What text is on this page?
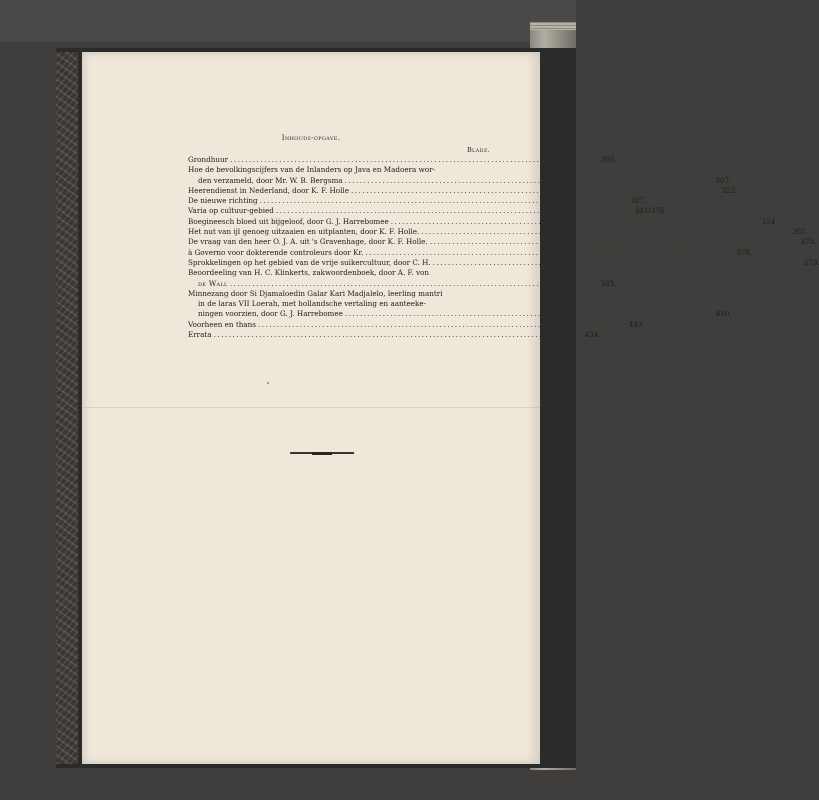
Inhouds-opgave.
Bladz.
Grondhuur ..............................................................................................	305.
Hoe de bevolkingscijfers van de Inlanders op Java en Madoera wor-
den verzameld, door Mr. W. B. Bergsma ..............................................................................................	307.
Heerendienst in Nederland, door K. F. Holle ..............................................................................................	322.
De nieuwe richting ..............................................................................................	327.
Varia op cultuur-gebied .............................................................................................. 341/376.
Boegineesch bloed uit bijgeloof, door G. J. Harrebomee ..............................................................................................	354.
Het nut van ijl genoeg uitzaaien en uitplanten, door K. F. Holle. ..............................................................................................	367.
De vraag van den heer O. J. A. uit 's Gravenhage, door K. F. Holle. ..............................................................................................	373.
à Governo voor dokterende controleurs door Kr. ..............................................................................................	378.
Sprokkelingen op het gebied van de vrije suikercultuur, door C. H. ..............................................................................................	379.
Beoordeeling van H. C. Klinkerts, zakwoordenboek, door A. F. von
de Wall ..............................................................................................	383.
Minnezang door Si Djamaloedin Galar Kari Madjalelo, leerling mantri
in de laras VII Loerah, met hollandsche vertaling en aanteeke-
ningen voorzien, door G. J. Harrebomee ..............................................................................................	410.
Voorheen en thans ..............................................................................................	433.
Errata ..............................................................................................	434.
